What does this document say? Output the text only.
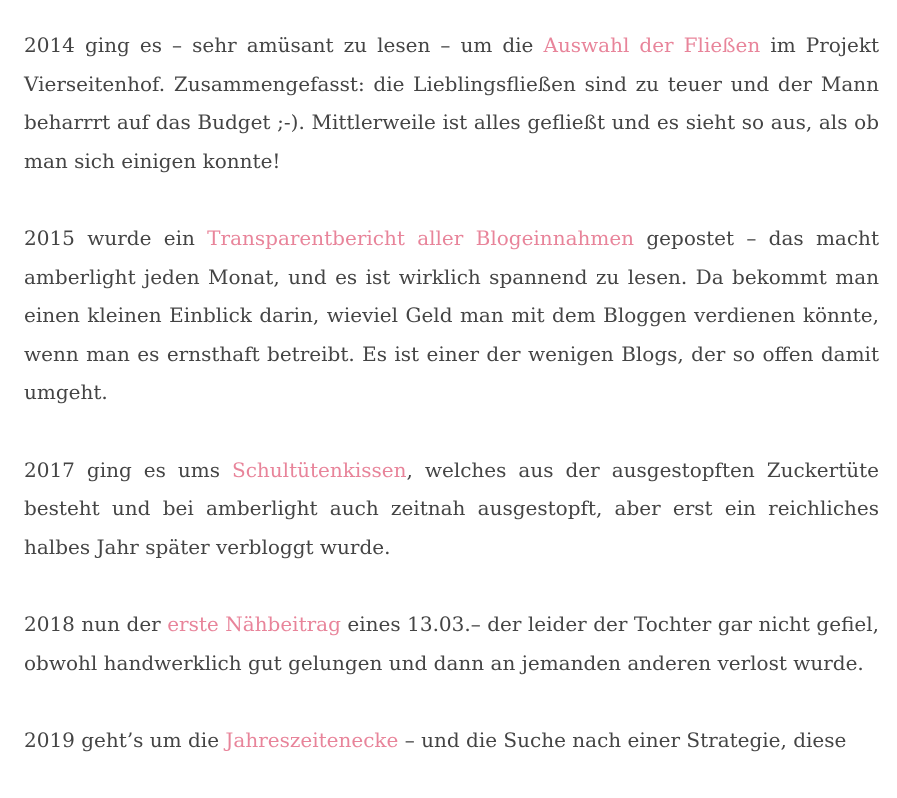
2014 ging es – sehr amüsant zu lesen – um die Auswahl der Fließen im Projekt Vierseitenhof. Zusammengefasst: die Lieblingsfließen sind zu teuer und der Mann beharrrt auf das Budget ;-). Mittlerweile ist alles gefließt und es sieht so aus, als ob man sich einigen konnte!

2015 wurde ein Transparentbericht aller Blogeinnahmen gepostet – das macht amberlight jeden Monat, und es ist wirklich spannend zu lesen. Da bekommt man einen kleinen Einblick darin, wieviel Geld man mit dem Bloggen verdienen könnte, wenn man es ernsthaft betreibt. Es ist einer der wenigen Blogs, der so offen damit umgeht.

2017 ging es ums Schultütenkissen, welches aus der ausgestopften Zuckertüte besteht und bei amberlight auch zeitnah ausgestopft, aber erst ein reichliches halbes Jahr später verbloggt wurde.

2018 nun der erste Nähbeitrag eines 13.03.– der leider der Tochter gar nicht gefiel, obwohl handwerklich gut gelungen und dann an jemanden anderen verlost wurde.

2019 geht’s um die Jahreszeitenecke – und die Suche nach einer Strategie, diese
